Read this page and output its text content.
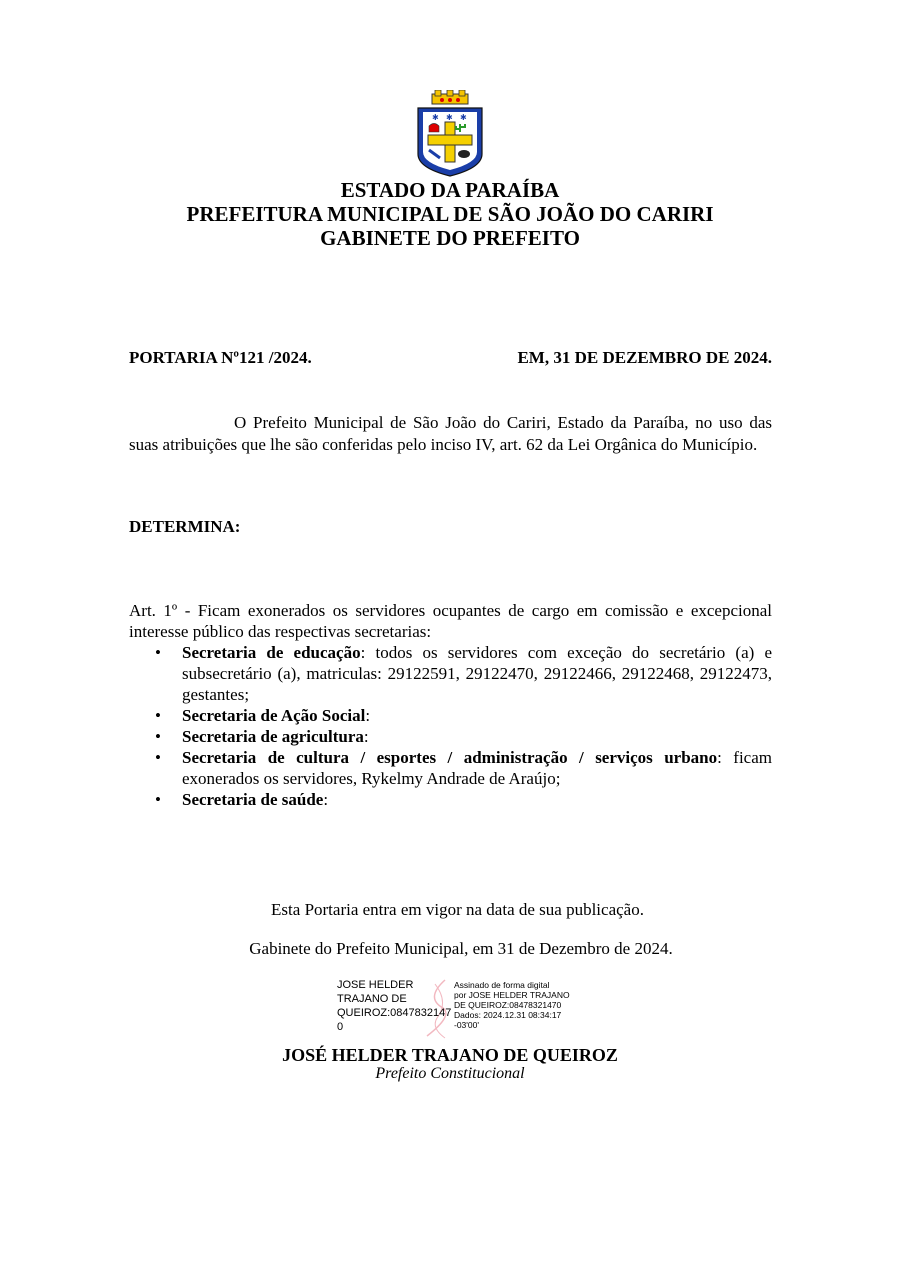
✱ ✱ ✱
ESTADO DA PARAÍBA
PREFEITURA MUNICIPAL DE SÃO JOÃO DO CARIRI
GABINETE DO PREFEITO
PORTARIA Nº121 /2024.	EM, 31 DE DEZEMBRO DE 2024.
O Prefeito Municipal de São João do Cariri, Estado da Paraíba, no uso das suas atribuições que lhe são conferidas pelo inciso IV, art. 62 da Lei Orgânica do Município.
DETERMINA:
Art. 1º - Ficam exonerados os servidores ocupantes de cargo em comissão e excepcional interesse público das respectivas secretarias:
• Secretaria de educação: todos os servidores com exceção do secretário (a) e subsecretário (a), matriculas: 29122591, 29122470, 29122466, 29122468, 29122473, gestantes;
• Secretaria de Ação Social:
• Secretaria de agricultura:
• Secretaria de cultura / esportes / administração / serviços urbano: ficam exonerados os servidores, Rykelmy Andrade de Araújo;
• Secretaria de saúde:
Esta Portaria entra em vigor na data de sua publicação.
Gabinete do Prefeito Municipal, em 31 de Dezembro de 2024.
JOSE HELDER
TRAJANO DE
QUEIROZ:0847832147
0
Assinado de forma digital
por JOSE HELDER TRAJANO
DE QUEIROZ:08478321470
Dados: 2024.12.31 08:34:17
-03'00'
JOSÉ HELDER TRAJANO DE QUEIROZ
Prefeito Constitucional
